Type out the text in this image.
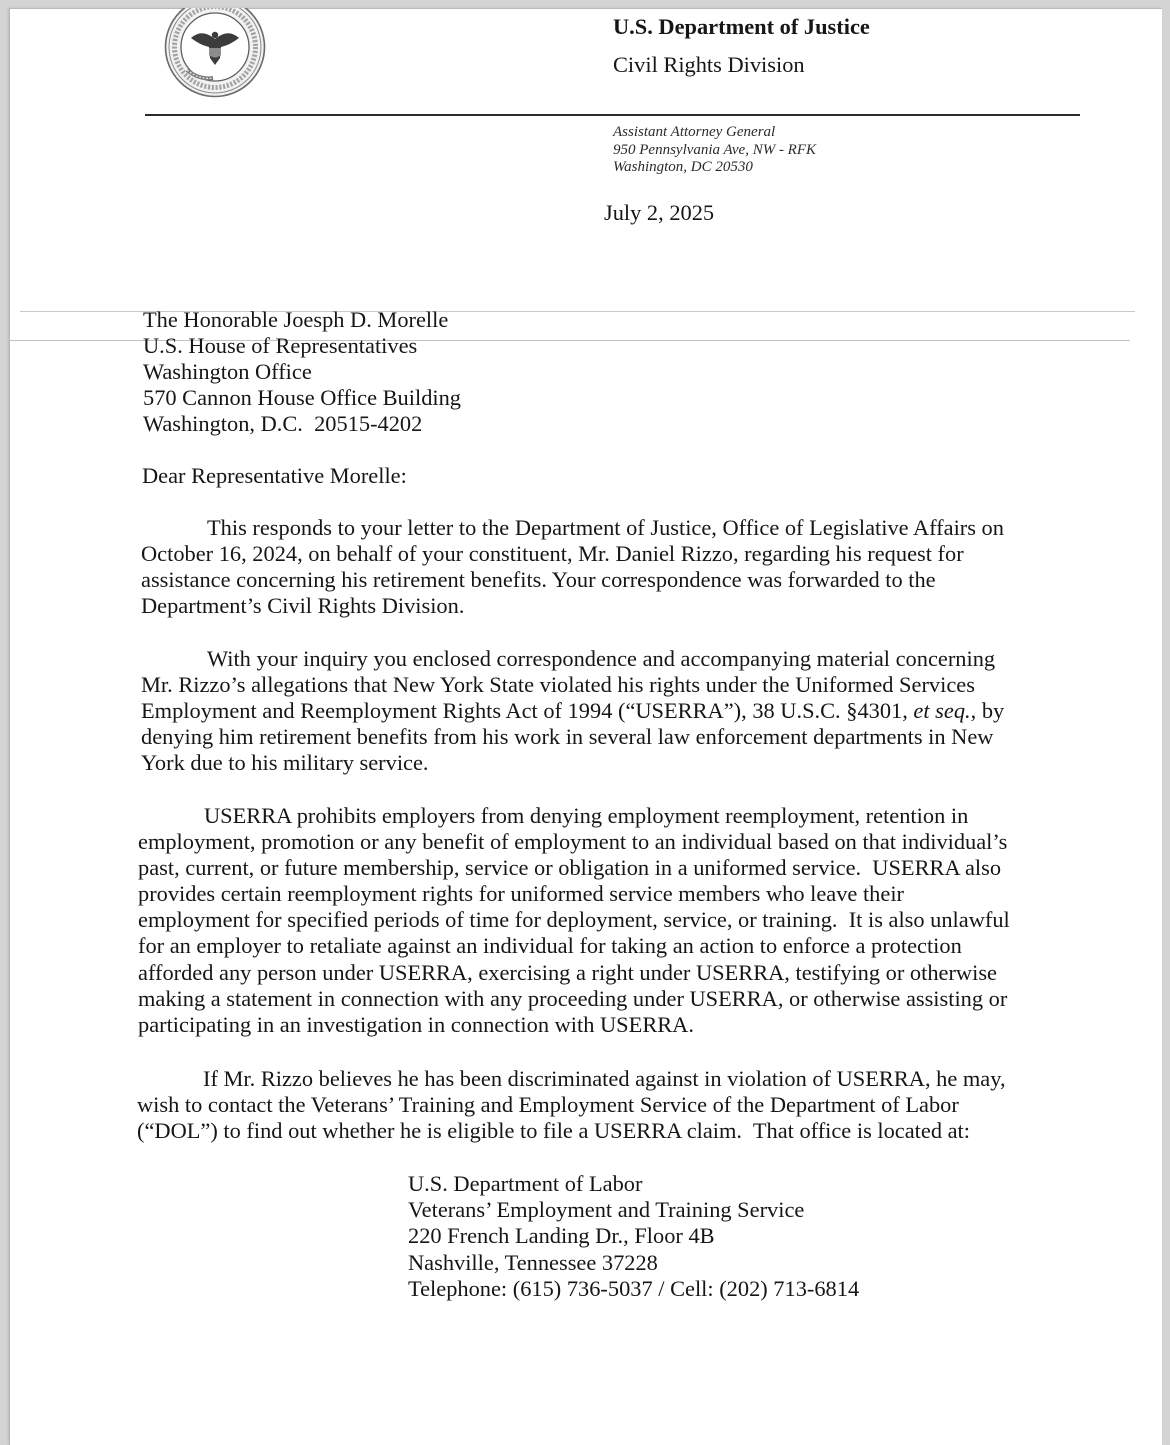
U.S. Department of Justice
Civil Rights Division
Assistant Attorney General
950 Pennsylvania Ave, NW - RFK
Washington, DC 20530
July 2, 2025
The Honorable Joesph D. Morelle
U.S. House of Representatives
Washington Office
570 Cannon House Office Building
Washington, D.C.  20515-4202
Dear Representative Morelle:
This responds to your letter to the Department of Justice, Office of Legislative Affairs on
October 16, 2024, on behalf of your constituent, Mr. Daniel Rizzo, regarding his request for
assistance concerning his retirement benefits. Your correspondence was forwarded to the
Department’s Civil Rights Division.
With your inquiry you enclosed correspondence and accompanying material concerning
Mr. Rizzo’s allegations that New York State violated his rights under the Uniformed Services
Employment and Reemployment Rights Act of 1994 (“USERRA”), 38 U.S.C. §4301, et seq., by
denying him retirement benefits from his work in several law enforcement departments in New
York due to his military service.
USERRA prohibits employers from denying employment reemployment, retention in
employment, promotion or any benefit of employment to an individual based on that individual’s
past, current, or future membership, service or obligation in a uniformed service.  USERRA also
provides certain reemployment rights for uniformed service members who leave their
employment for specified periods of time for deployment, service, or training.  It is also unlawful
for an employer to retaliate against an individual for taking an action to enforce a protection
afforded any person under USERRA, exercising a right under USERRA, testifying or otherwise
making a statement in connection with any proceeding under USERRA, or otherwise assisting or
participating in an investigation in connection with USERRA.
If Mr. Rizzo believes he has been discriminated against in violation of USERRA, he may,
wish to contact the Veterans’ Training and Employment Service of the Department of Labor
(“DOL”) to find out whether he is eligible to file a USERRA claim.  That office is located at:
U.S. Department of Labor
Veterans’ Employment and Training Service
220 French Landing Dr., Floor 4B
Nashville, Tennessee 37228
Telephone: (615) 736-5037 / Cell: (202) 713-6814
